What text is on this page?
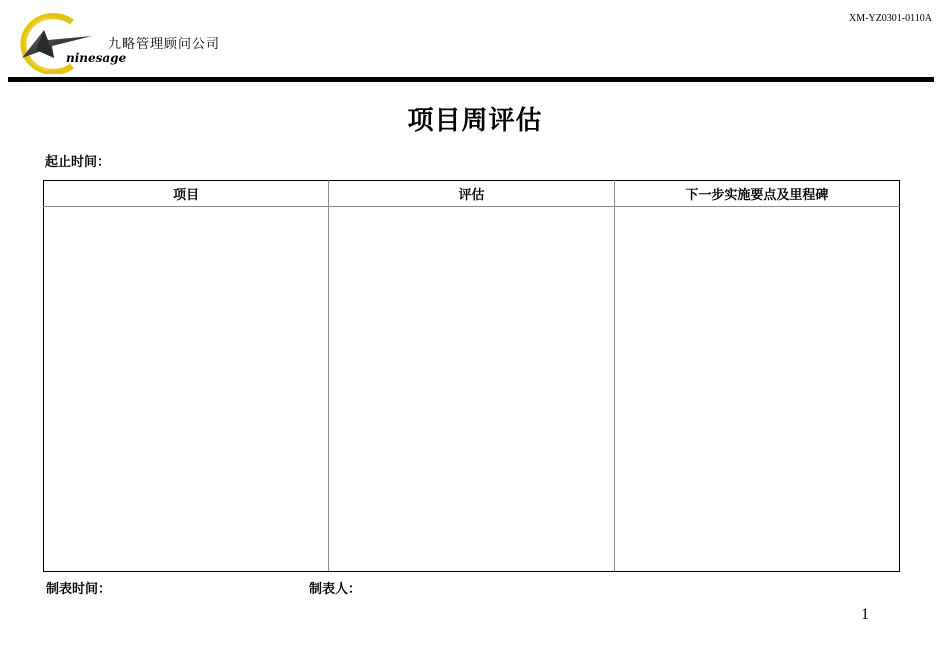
XM-YZ0301-0110A
ninesage
九略管理顾问公司
项目周评估
起止时间：
项目	评估	下一步实施要点及里程碑

制表时间：	制表人：
1
